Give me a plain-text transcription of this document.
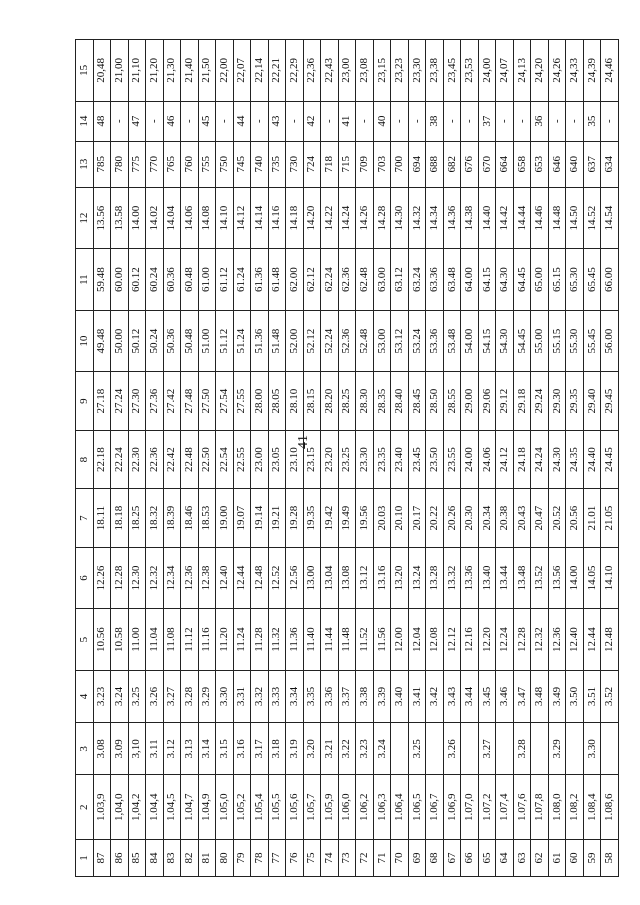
41
1	2	3	4	5	6	7	8	9	10	11	12	13	14	15
87	1.03,9	3.08	3.23	10.56	12.26	18.11	22.18	27.18	49.48	59.48	13.56	785	48	20,48
86	1,04,0	3.09	3.24	10.58	12.28	18.18	22.24	27.24	50.00	60.00	13.58	780	-	21,00
85	1,04,2	3,10	3.25	11.00	12.30	18.25	22.30	27.30	50.12	60.12	14.00	775	47	21,10
84	1.04,4	3.11	3.26	11.04	12.32	18.32	22.36	27.36	50.24	60.24	14.02	770	-	21,20
83	1.04,5	3.12	3.27	11.08	12.34	18.39	22.42	27.42	50.36	60.36	14.04	765	46	21,30
82	1.04,7	3.13	3.28	11.12	12.36	18.46	22.48	27.48	50.48	60.48	14.06	760	-	21,40
81	1.04,9	3.14	3.29	11.16	12.38	18.53	22.50	27.50	51.00	61.00	14.08	755	45	21,50
80	1.05,0	3.15	3.30	11.20	12.40	19.00	22.54	27.54	51.12	61.12	14.10	750	-	22,00
79	1.05,2	3.16	3.31	11.24	12.44	19.07	22.55	27.55	51.24	61.24	14.12	745	44	22,07
78	1.05,4	3.17	3.32	11.28	12.48	19.14	23.00	28.00	51.36	61.36	14.14	740	-	22,14
77	1.05,5	3.18	3.33	11.32	12.52	19.21	23.05	28.05	51.48	61.48	14.16	735	43	22,21
76	1.05,6	3.19	3.34	11.36	12.56	19.28	23.10	28.10	52.00	62.00	14.18	730	-	22,29
75	1.05,7	3.20	3.35	11.40	13.00	19.35	23.15	28.15	52.12	62.12	14.20	724	42	22,36
74	1.05,9	3.21	3.36	11.44	13.04	19.42	23.20	28.20	52.24	62.24	14.22	718	-	22,43
73	1.06,0	3.22	3.37	11.48	13.08	19.49	23.25	28.25	52.36	62.36	14.24	715	41	23,00
72	1.06,2	3.23	3.38	11.52	13.12	19.56	23.30	28.30	52.48	62.48	14.26	709	-	23,08
71	1.06,3	3.24	3.39	11.56	13.16	20.03	23.35	28.35	53.00	63.00	14.28	703	40	23,15
70	1.06,4		3.40	12.00	13.20	20.10	23.40	28.40	53.12	63.12	14.30	700	-	23,23
69	1.06,5	3.25	3.41	12.04	13.24	20.17	23.45	28.45	53.24	63.24	14.32	694	-	23,30
68	1.06,7		3.42	12.08	13.28	20.22	23.50	28.50	53.36	63.36	14.34	688	38	23,38
67	1.06,9	3.26	3.43	12.12	13.32	20.26	23.55	28.55	53.48	63.48	14.36	682	-	23,45
66	1.07,0		3.44	12.16	13.36	20.30	24.00	29.00	54.00	64.00	14.38	676	-	23,53
65	1.07,2	3.27	3.45	12.20	13.40	20.34	24.06	29.06	54.15	64.15	14.40	670	37	24,00
64	1.07,4		3.46	12.24	13.44	20.38	24.12	29.12	54.30	64.30	14.42	664	-	24,07
63	1.07,6	3.28	3.47	12.28	13.48	20.43	24.18	29.18	54.45	64.45	14.44	658	-	24,13
62	1.07,8		3.48	12.32	13.52	20.47	24.24	29.24	55.00	65.00	14.46	653	36	24,20
61	1.08,0	3.29	3.49	12.36	13.56	20.52	24.30	29.30	55.15	65.15	14.48	646	-	24,26
60	1.08,2		3.50	12.40	14.00	20.56	24.35	29.35	55.30	65.30	14.50	640	-	24,33
59	1.08,4	3.30	3.51	12.44	14.05	21.01	24.40	29.40	55.45	65.45	14.52	637	35	24,39
58	1.08,6		3.52	12.48	14.10	21.05	24.45	29.45	56.00	66.00	14.54	634	-	24,46
